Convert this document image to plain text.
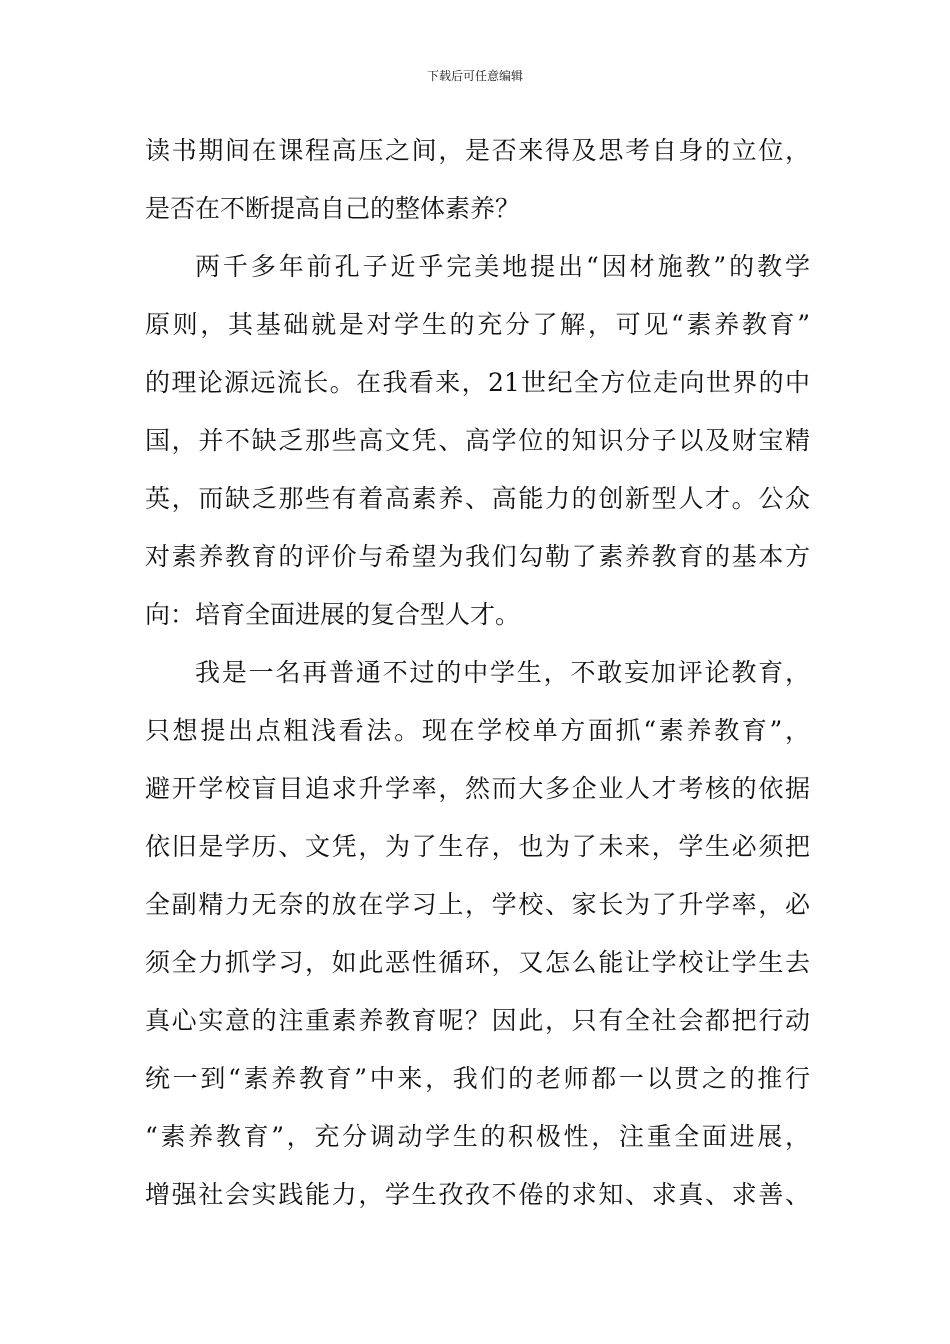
下载后可任意编辑
读书期间在课程高压之间，是否来得及思考自身的立位，
是否在不断提高自己的整体素养？
两千多年前孔子近乎完美地提出“因材施教”的教学
原则，其基础就是对学生的充分了解，可见“素养教育”
的理论源远流长。在我看来，21世纪全方位走向世界的中
国，并不缺乏那些高文凭、高学位的知识分子以及财宝精
英，而缺乏那些有着高素养、高能力的创新型人才。公众
对素养教育的评价与希望为我们勾勒了素养教育的基本方
向：培育全面进展的复合型人才。
我是一名再普通不过的中学生，不敢妄加评论教育，
只想提出点粗浅看法。现在学校单方面抓“素养教育”，
避开学校盲目追求升学率，然而大多企业人才考核的依据
依旧是学历、文凭，为了生存，也为了未来，学生必须把
全副精力无奈的放在学习上，学校、家长为了升学率，必
须全力抓学习，如此恶性循环，又怎么能让学校让学生去
真心实意的注重素养教育呢？因此，只有全社会都把行动
统一到“素养教育”中来，我们的老师都一以贯之的推行
“素养教育”，充分调动学生的积极性，注重全面进展，
增强社会实践能力，学生孜孜不倦的求知、求真、求善、
